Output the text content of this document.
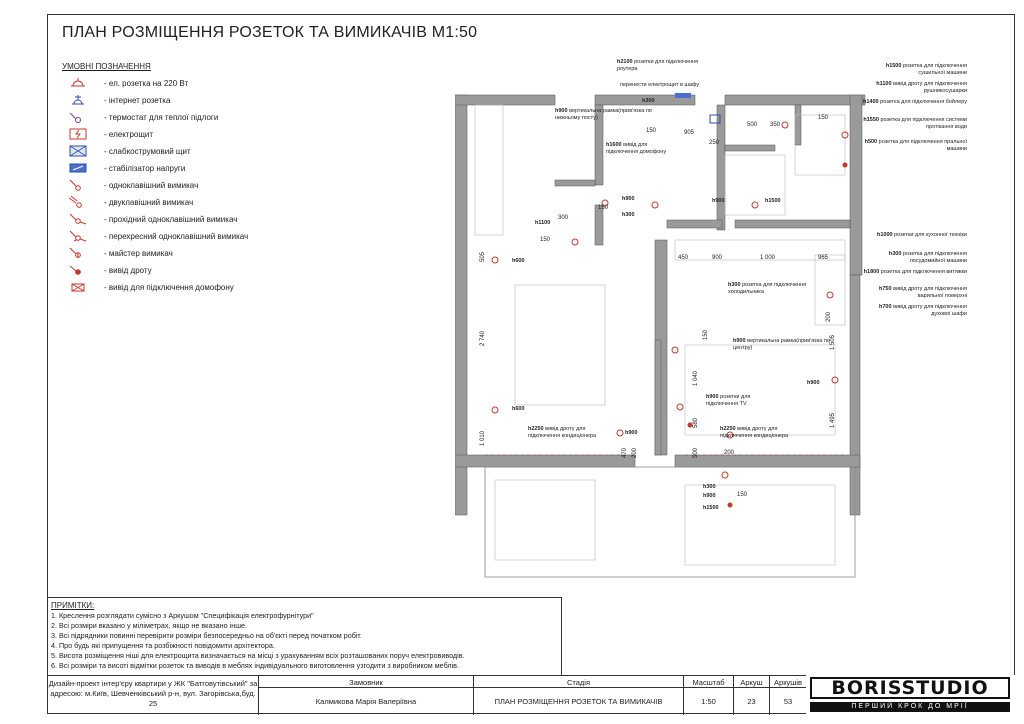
ПЛАН РОЗМІЩЕННЯ РОЗЕТОК ТА ВИМИКАЧІВ М1:50
УМОВНІ ПОЗНАЧЕННЯ
- ел. розетка на 220 Вт
- інтернет розетка
- термостат для теплої підлоги
- електрощит
- слабкострумовий щит
- стабілізатор напруги
- одноклавішний вимикач
- двуклавішний вимикач
- прохідний одноклавішний вимикач
- перехресний одноклавішний вимикач
- майстер вимикач
- вивід дроту
- вивід для підключення домофону
h2100 розетки для підключення роутера
перенести електрощит в шафу
h300
h900 вертикальна рамка(прив'язка по нижньому посту)
h1600 вивід для підключення домофону
h900
h300
h1100
h600
h900	h1500
h300 розетка для підключення холодильника
h900 вертикальна рамка(прив'язка по центру)
h600
h900 розетки для підключення TV
h2250 вивід дроту для підключення кондиціонера	h900
h2250 вивід дроту для підключення кондиціонера
h900
h300
h900
h1500
h1500 розетка для підключення сушильної машини
h1100 вивід дроту для підключення рушникосушарки
h1400 розетка для підключення бойлеру
h1550 розетка для підключення системи протікання води
h500 розетка для підключення пральної машини
h1000 розетки для кухонної техніки
h300 розетка для підключення посудомийної машини
h1800 розетка для підключення витяжки
h750 вивід дроту для підключення варильної поверхні
h700 вивід дроту для підключення духової шафи
905
150
250
500 350
150
300
150
150
505	450	900	1 000	965
200
2 740	150	1 505
1 040
580	1 495
1 010
470 200	500	200
150
ПРИМІТКИ:
1. Креслення розглядати сумісно з Аркушом "Специфікація електрофурнітури"
2. Всі розміри вказано у міліметрах, якщо не вказано інше.
3. Всі підрядники повинні перевірити розміри безпосередньо на об'єкті перед початком робіт.
4. Про будь які припущення та розбіжності повідомити архітектора.
5. Висота розміщення ніші для електрощита визначається на місці з урахуванням всіх розташованих поруч електровиводів.
6. Всі розміри та висоті відмітки розеток та виводів в меблях індивідуального виготовлення узгодити з виробником меблів.
Дизайн-проект інтер'єру квартири у ЖК "Батговутівський" за адресою: м.Київ, Шевченківський р-н, вул. Загорівська,буд. 25
Замовник
Калмикова Марія Валеріївна
Стадія
ПЛАН РОЗМІЩЕННЯ РОЗЕТОК ТА ВИМИКАЧІВ
Масштаб
1:50
Аркуш
23
Аркушів
53
BORISSTUDIO
ПЕРШИЙ КРОК ДО МРІЇ
